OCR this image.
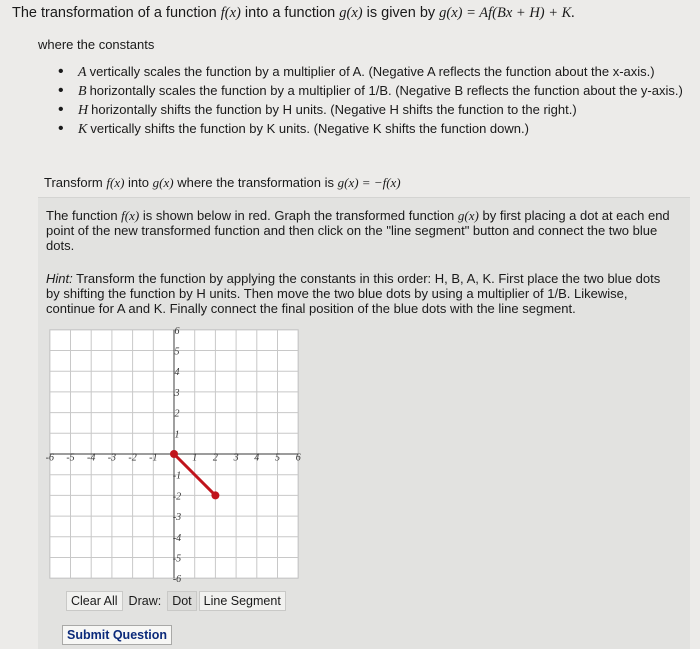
The transformation of a function f(x) into a function g(x) is given by g(x) = Af(Bx + H) + K.
where the constants
• A vertically scales the function by a multiplier of A. (Negative A reflects the function about the x-axis.)
• B horizontally scales the function by a multiplier of 1/B. (Negative B reflects the function about the y-axis.)
• H horizontally shifts the function by H units. (Negative H shifts the function to the right.)
• K vertically shifts the function by K units. (Negative K shifts the function down.)
Transform f(x) into g(x) where the transformation is g(x) = −f(x)
The function f(x) is shown below in red. Graph the transformed function g(x) by first placing a dot at each end point of the new transformed function and then click on the "line segment" button and connect the two blue dots.
Hint: Transform the function by applying the constants in this order: H, B, A, K. First place the two blue dots by shifting the function by H units. Then move the two blue dots by using a multiplier of 1/B. Likewise, continue for A and K. Finally connect the final position of the blue dots with the line segment.
-6 -5 -4 -3 -2 -1	1 2 3 4 5 6
6
5
4
3
2
1
-1
-2
-3
-4
-5
-6
Clear All Draw: Dot Line Segment
Submit Question
